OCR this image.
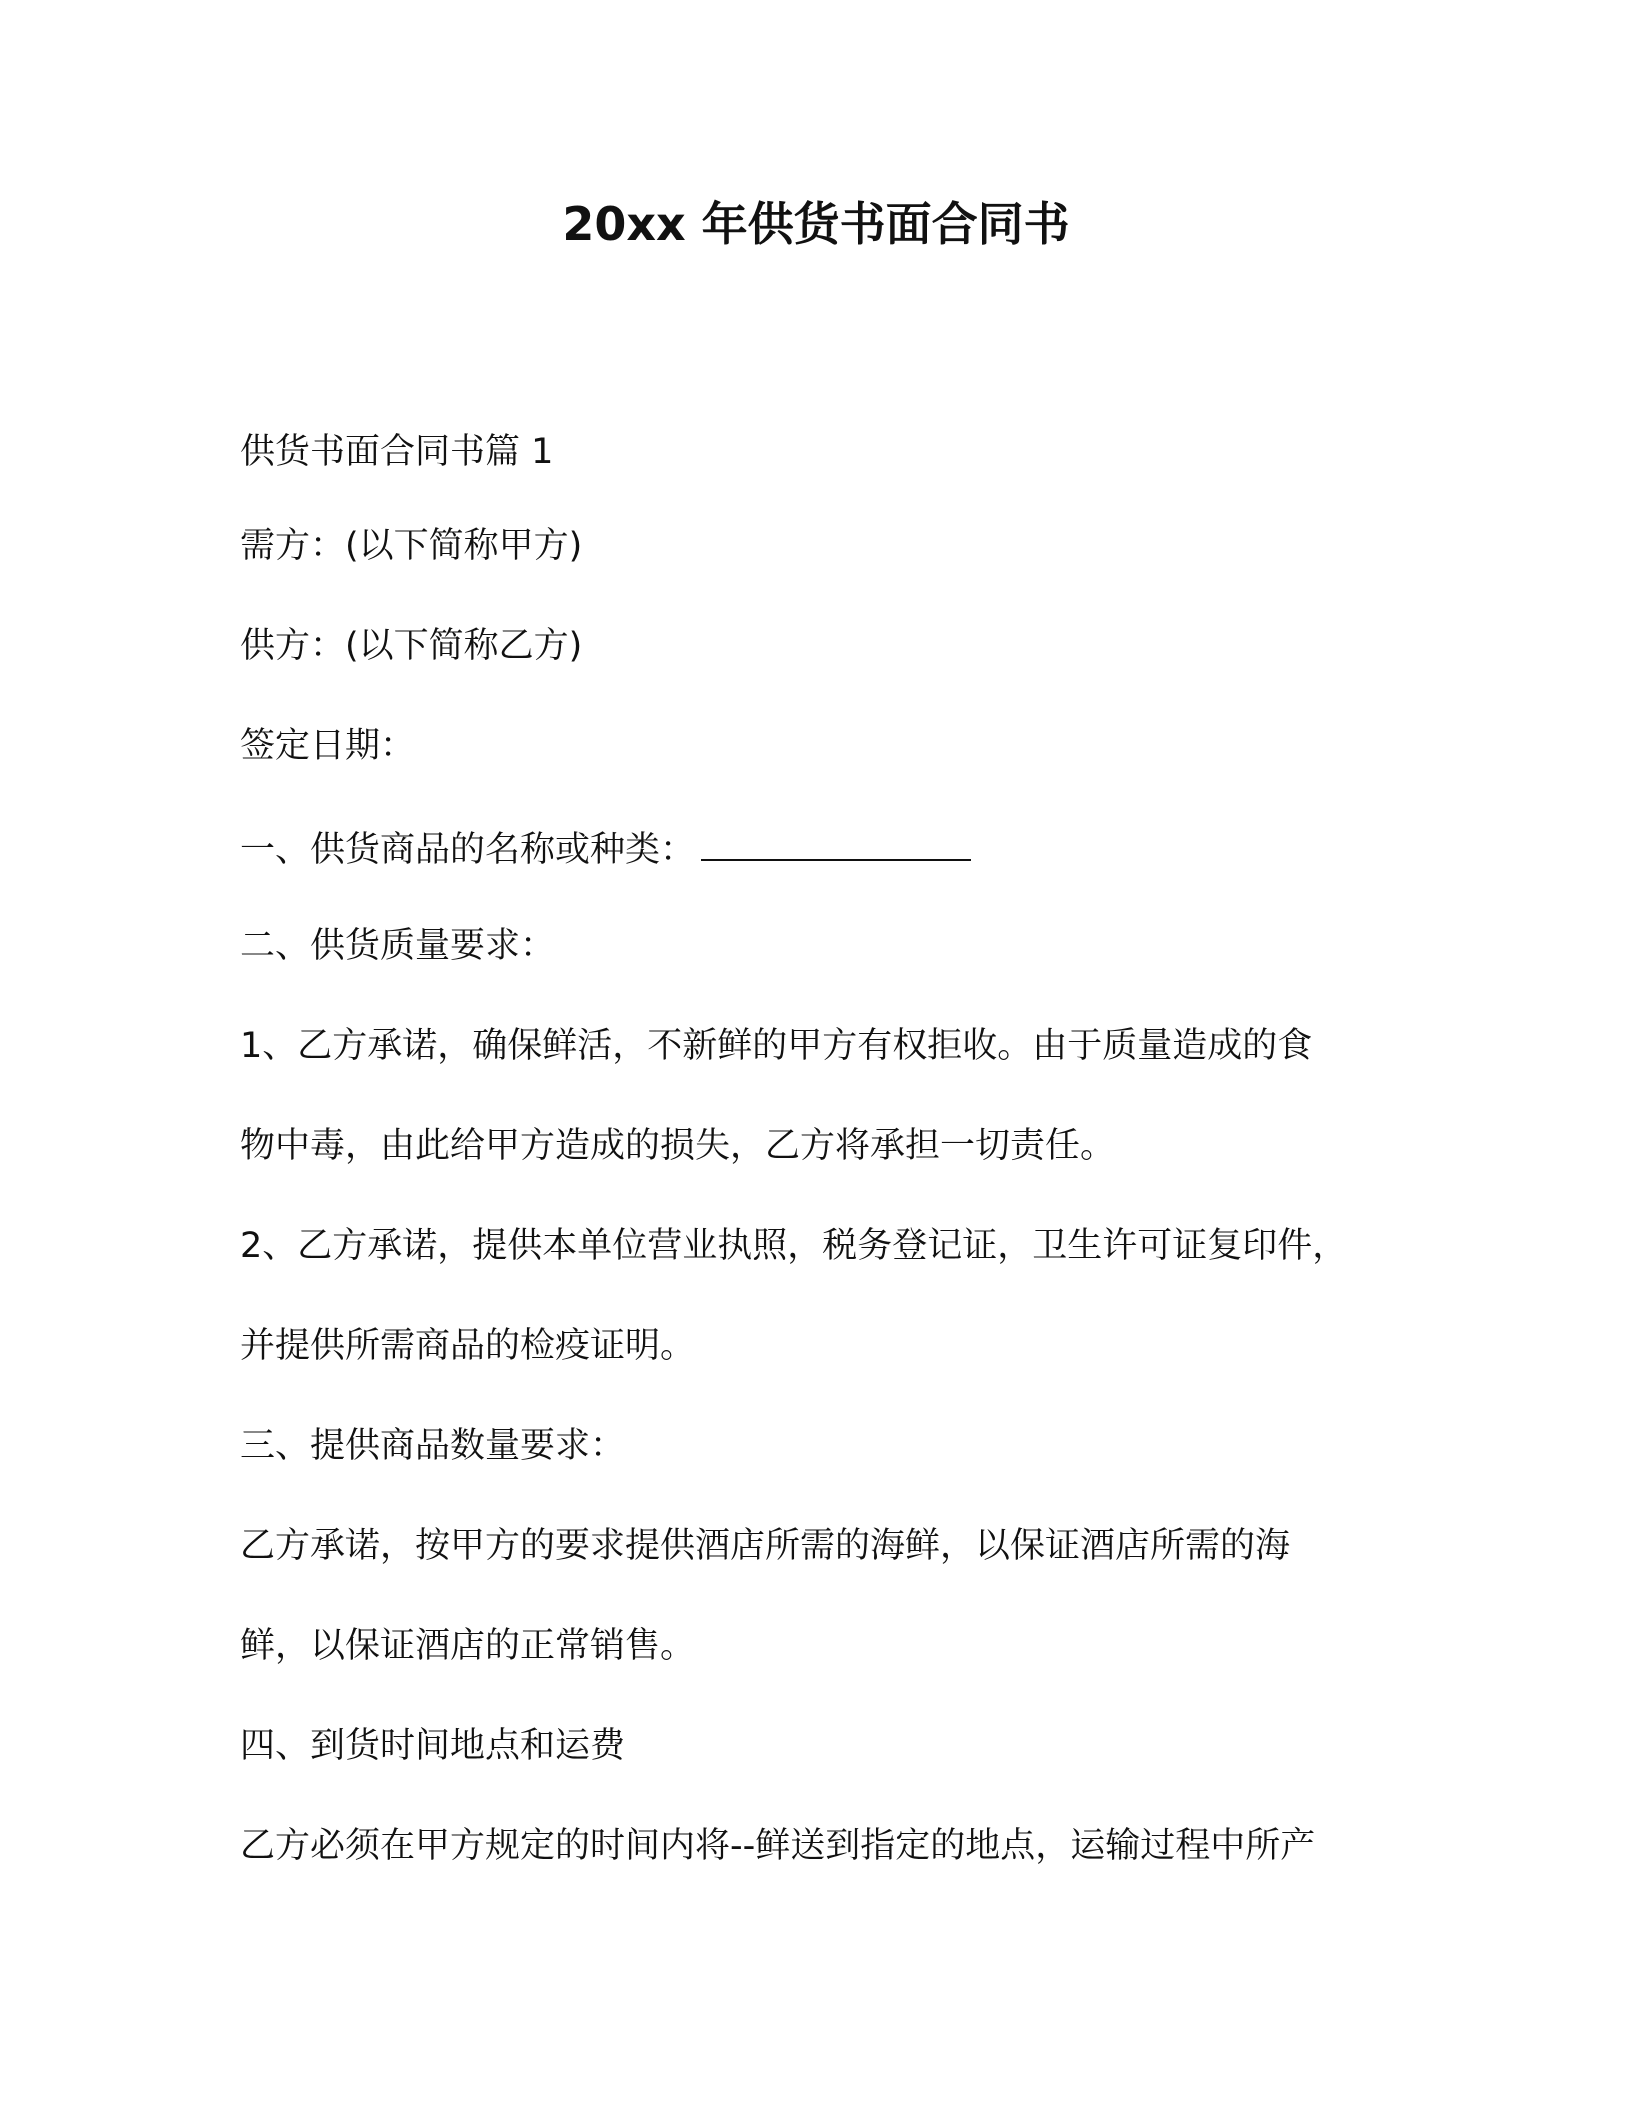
20xx 年供货书面合同书
供货书面合同书篇 1
需方：(以下简称甲方)
供方：(以下简称乙方)
签定日期：
一、供货商品的名称或种类：
二、供货质量要求：
1、乙方承诺，确保鲜活，不新鲜的甲方有权拒收。由于质量造成的食
物中毒，由此给甲方造成的损失，乙方将承担一切责任。
2、乙方承诺，提供本单位营业执照，税务登记证，卫生许可证复印件，
并提供所需商品的检疫证明。
三、提供商品数量要求：
乙方承诺，按甲方的要求提供酒店所需的海鲜，以保证酒店所需的海
鲜，以保证酒店的正常销售。
四、到货时间地点和运费
乙方必须在甲方规定的时间内将--鲜送到指定的地点，运输过程中所产
